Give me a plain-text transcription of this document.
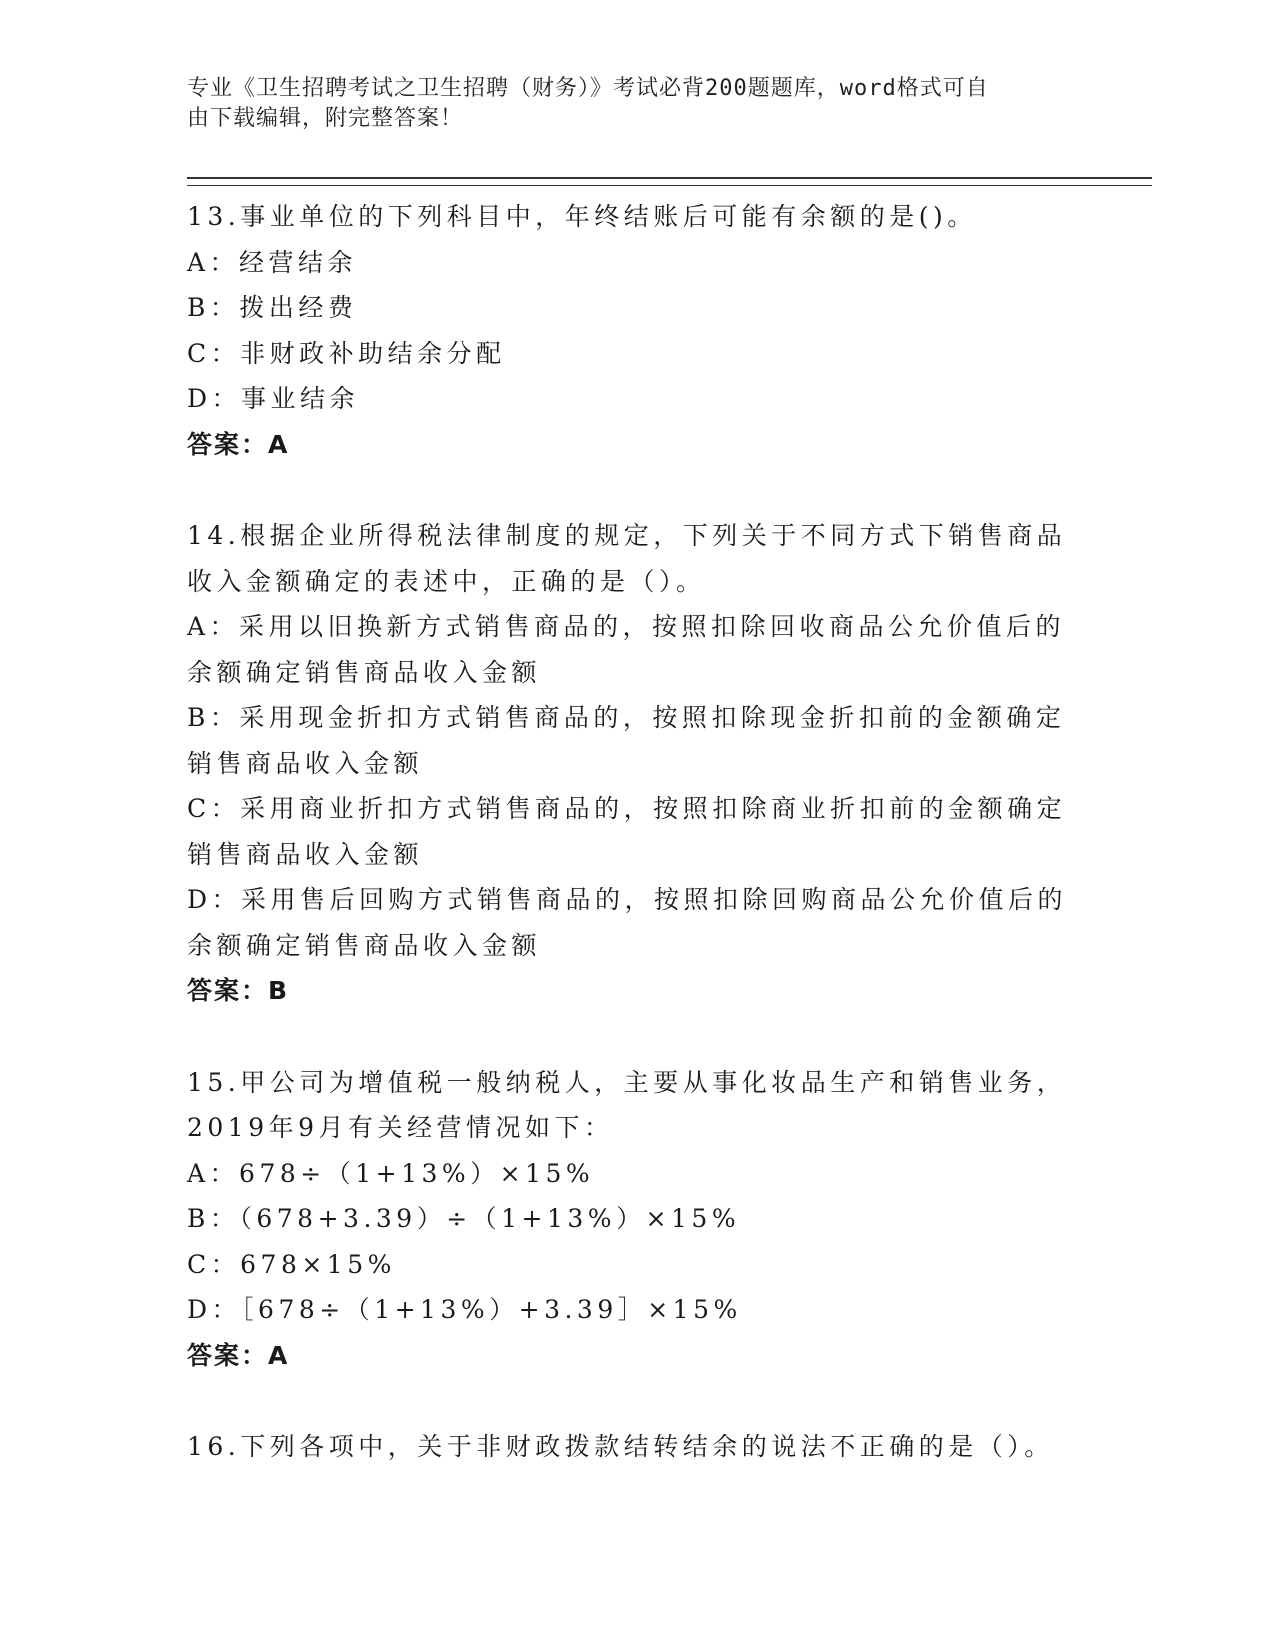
专业《卫生招聘考试之卫生招聘（财务）》考试必背200题题库，word格式可自
由下载编辑，附完整答案！

13.事业单位的下列科目中，年终结账后可能有余额的是()。

A：经营结余

B：拨出经费

C：非财政补助结余分配

D：事业结余

答案：A

14.根据企业所得税法律制度的规定，下列关于不同方式下销售商品收入金额确定的表述中，正确的是（）。

A：采用以旧换新方式销售商品的，按照扣除回收商品公允价值后的余额确定销售商品收入金额

B：采用现金折扣方式销售商品的，按照扣除现金折扣前的金额确定销售商品收入金额

C：采用商业折扣方式销售商品的，按照扣除商业折扣前的金额确定销售商品收入金额

D：采用售后回购方式销售商品的，按照扣除回购商品公允价值后的余额确定销售商品收入金额

答案：B

15.甲公司为增值税一般纳税人，主要从事化妆品生产和销售业务，2019年9月有关经营情况如下：

A：678÷（1+13%）×15%

B：（678+3.39）÷（1+13%）×15%

C：678×15%

D：［678÷（1+13%）+3.39］×15%

答案：A

16.下列各项中，关于非财政拨款结转结余的说法不正确的是（）。
